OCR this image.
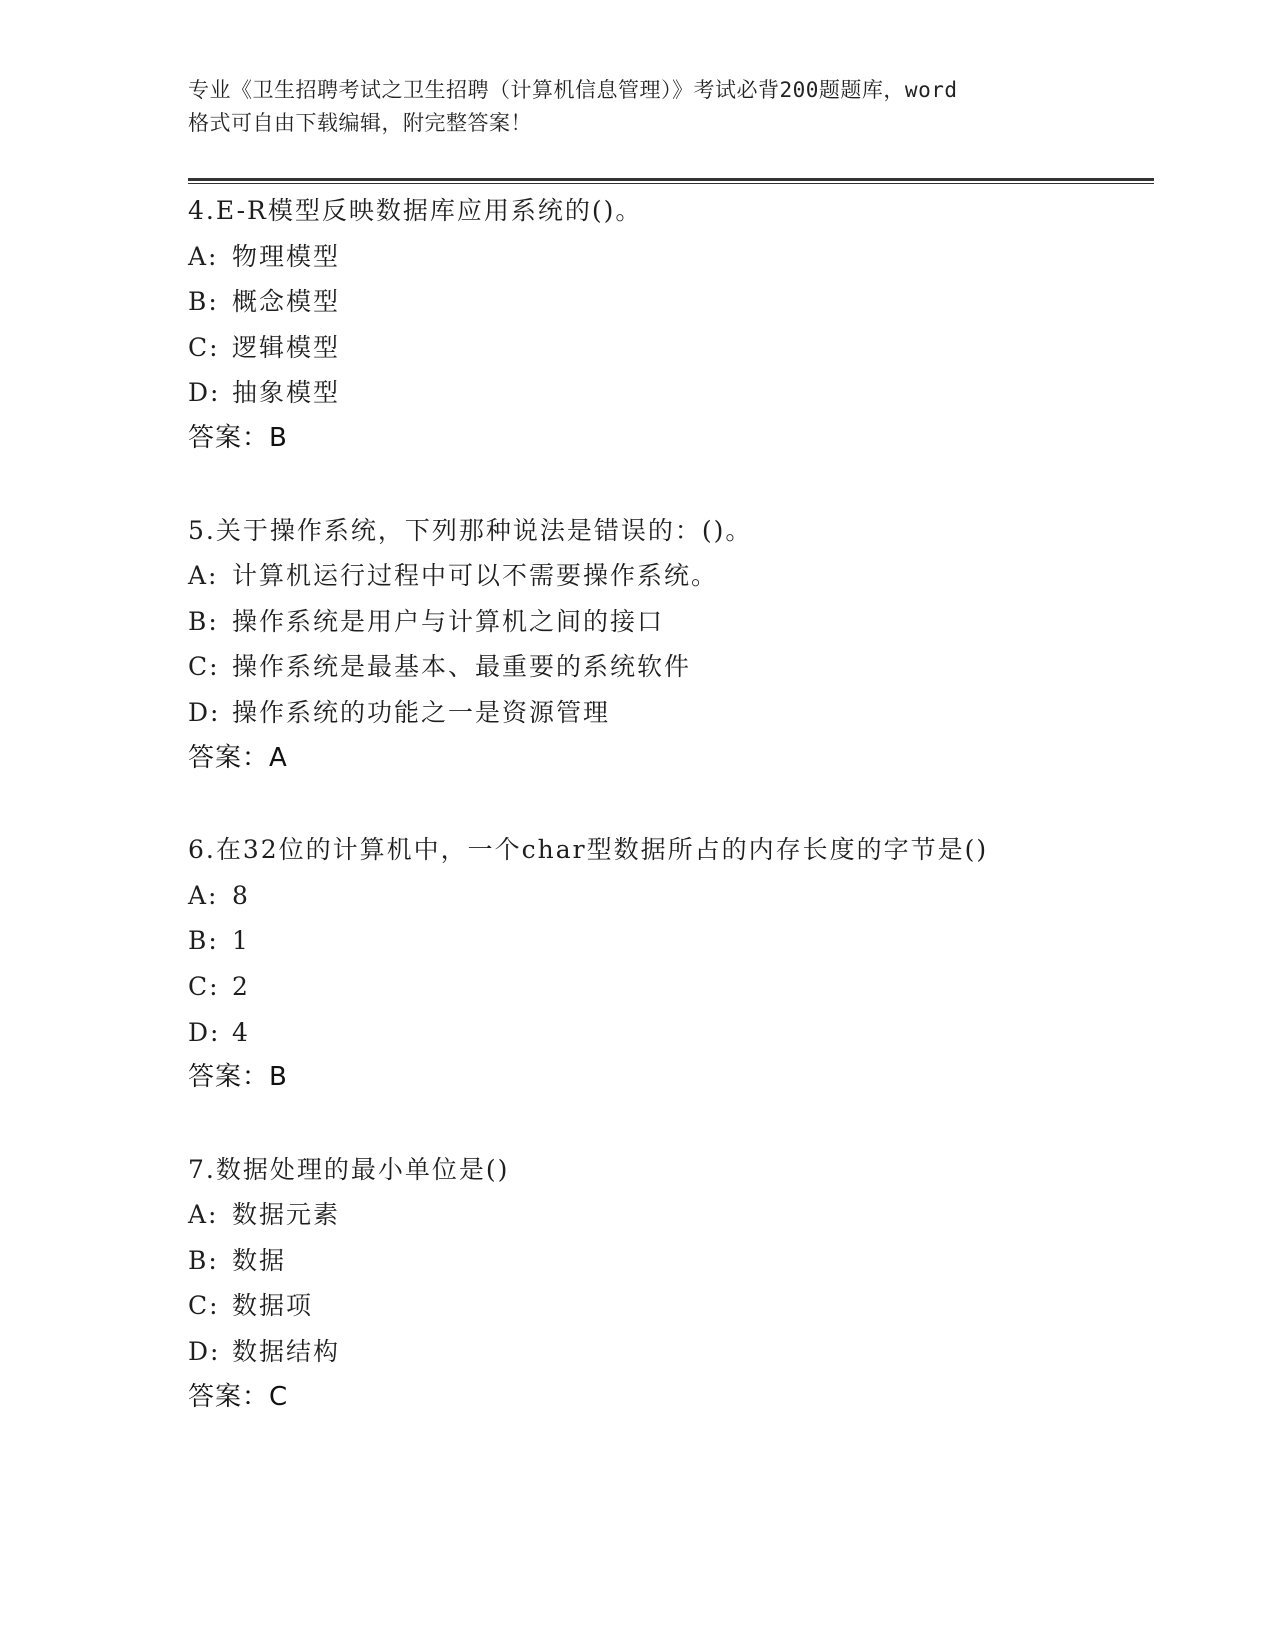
专业《卫生招聘考试之卫生招聘（计算机信息管理）》考试必背200题题库，word
格式可自由下载编辑，附完整答案！
4.E-R模型反映数据库应用系统的()。
A: 物理模型
B: 概念模型
C: 逻辑模型
D: 抽象模型
答案：B
5.关于操作系统，下列那种说法是错误的：()。
A: 计算机运行过程中可以不需要操作系统。
B: 操作系统是用户与计算机之间的接口
C: 操作系统是最基本、最重要的系统软件
D: 操作系统的功能之一是资源管理
答案：A
6.在32位的计算机中，一个char型数据所占的内存长度的字节是()
A: 8
B: 1
C: 2
D: 4
答案：B
7.数据处理的最小单位是()
A: 数据元素
B: 数据
C: 数据项
D: 数据结构
答案：C
